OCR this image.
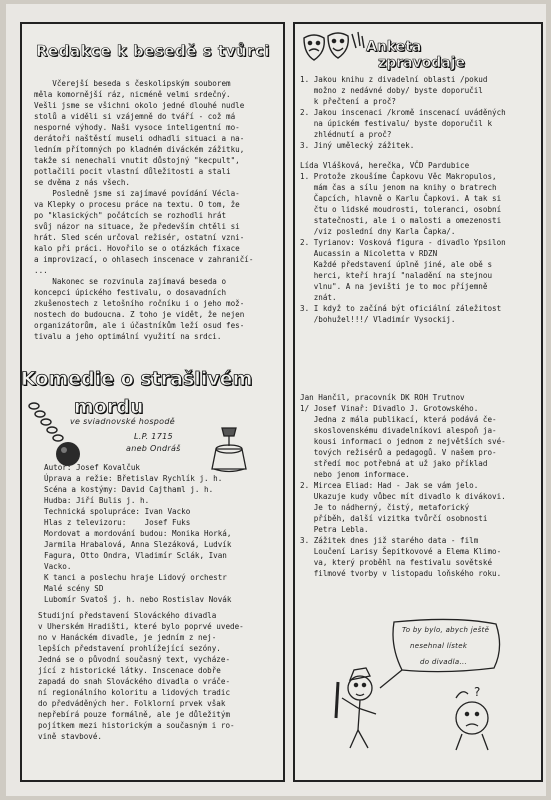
Redakce k besedě s tvůrci
Včerejší beseda s českolipským souborem
měla komornější ráz, nicméně velmi srdečný.
Vešli jsme se všichni okolo jedné dlouhé nudle
stolů a viděli si vzájemně do tváří - což má
nesporné výhody. Naši vysoce inteligentní mo-
derátoři naštěstí museli odhadli situaci a na-
ledním přítomných po kladném diváckém zážitku,
takže si nenechali vnutit důstojný "kecpult",
potlačili pocit vlastní důležitosti a stali
se dvěma z nás všech.
Posledně jsme si zajímavé povídání Vécla-
va Klepky o procesu práce na textu. O tom, že
po "klasických" počátcích se rozhodli hrát
svůj názor na situace, že především chtěli si
hrát. Sled scén určoval režisér, ostatní vzni-
kalo při práci. Hovořilo se o otázkách fixace
a improvizací, o ohlasech inscenace v zahraničí-
...
Nakonec se rozvinula zajímavá beseda o
koncepci úpického festivalu, o dosavadních
zkušenostech z letošního ročníku i o jeho mož-
nostech do budoucna. Z toho je vidět, že nejen
organizátorům, ale i účastníkům leží osud fes-
tivalu a jeho optimální využití na srdci.
Komedie o strašlivém
mordu
ve sviadnovské hospodě
L.P. 1715
aneb Ondráš
Autor: Josef Kovalčuk
Úprava a režie: Břetislav Rychlík j. h.
Scéna a kostýmy: David Cajthaml j. h.
Hudba: Jiří Bulis j. h.
Technická spolupráce: Ivan Vacko
Hlas z televizoru:    Josef Fuks
Mordovat a mordování budou: Monika Horká,
Jarmila Hrabalová, Anna Slezáková, Ludvík
Fagura, Otto Ondra, Vladimír Sclák, Ivan
Vacko.
K tanci a poslechu hraje Lidový orchestr
Malé scény SD
Lubomír Svatoš j. h. nebo Rostislav Novák
Studijní představení Slováckého divadla
v Uherském Hradišti, které bylo poprvé uvede-
no v Hanáckém divadle, je jedním z nej-
lepších představení prohlížející sezóny.
Jedná se o původní současný text, vycháze-
jící z historické látky. Inscenace dobře
zapadá do snah Slováckého divadla o vráče-
ní regionálního koloritu a lidových tradic
do předváděných her. Folklorní prvek však
nepřebírá pouze formálně, ale je důležitým
pojítkem mezi historickým a současným i ro-
vině stavbové.
Anketa
zpravodaje
1. Jakou knihu z divadelní oblasti /pokud
možno z nedávné doby/ byste doporučil
k přečtení a proč?
2. Jakou inscenaci /kromě inscenací uváděných
na úpickém festivalu/ byste doporučil k
zhlédnutí a proč?
3. Jiný umělecký zážitek.
Lída Vlášková, herečka, VČD Pardubice
1. Protože zkoušíme Čapkovu Věc Makropulos,
mám čas a sílu jenom na knihy o bratrech
Čapcích, hlavně o Karlu Čapkovi. A tak si
čtu o lidské moudrosti, toleranci, osobní
statečnosti, ale i o malosti a omezenosti
/viz poslední dny Karla Čapka/.
2. Tyrianov: Vosková figura - divadlo Ypsilon
Aucassin a Nicoletta v RDZN
Každé představení úplně jiné, ale obě s
herci, kteří hrají "naladění na stejnou
vlnu". A na jevišti je to moc příjemně
znát.
3. I když to začíná být oficiální záležitost
/bohužel!!!/ Vladimír Vysockij.
Jan Hančil, pracovník DK ROH Trutnov
1/ Josef Vinař: Divadlo J. Grotowského.
Jedna z mála publikací, která podává če-
skoslovenskému divadelníkovi alespoň ja-
kousi informaci o jednom z největších své-
tových režisérů a pedagogů. V našem pro-
středí moc potřebná at už jako příklad
nebo jenom informace.
2. Mircea Eliad: Had - Jak se vám jelo.
Ukazuje kudy vůbec mít divadlo k divákovi.
Je to nádherný, čistý, metaforický
příběh, další vizitka tvůrčí osobnosti
Petra Lebla.
3. Zážitek dnes již starého data - film
Loučení Larisy Šepitkovové a Elema Klimo-
va, který proběhl na festivalu sovětské
filmové tvorby v listopadu loňského roku.
To by bylo, abych ještě
nesehnal lístek
do divadla...
?
